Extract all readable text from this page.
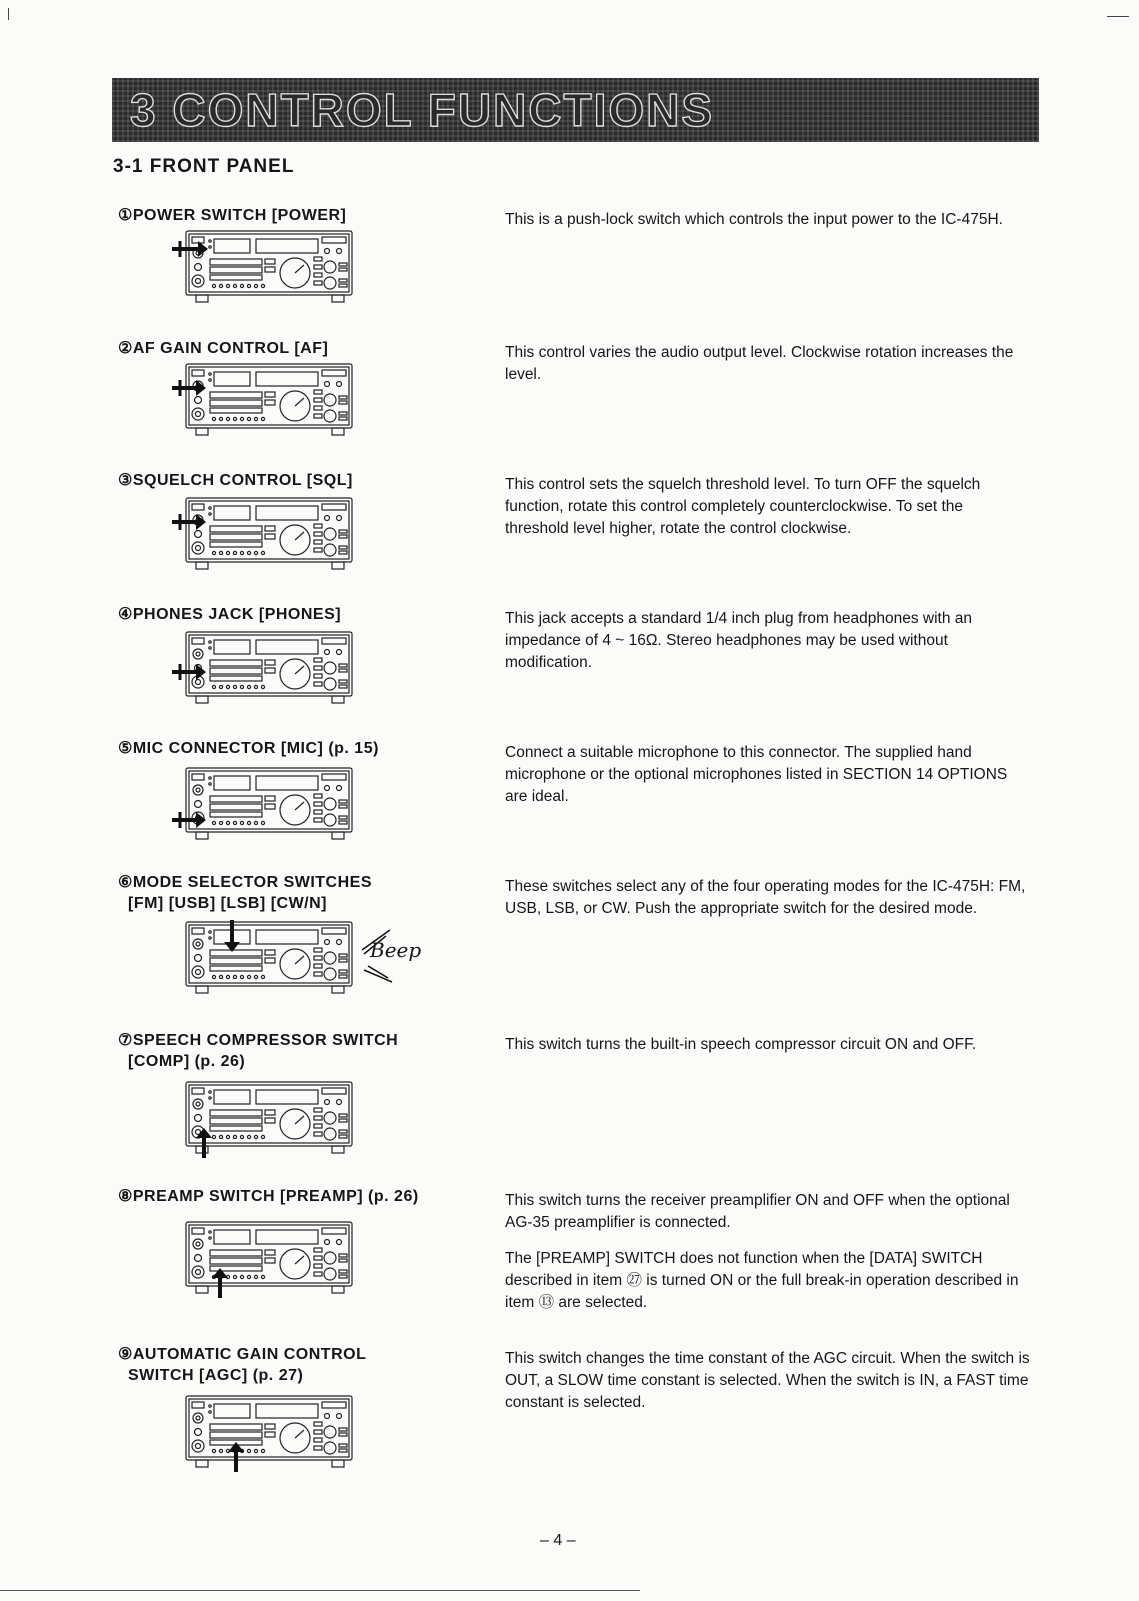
3 CONTROL FUNCTIONS
3-1 FRONT PANEL
①POWER SWITCH [POWER]	This is a push-lock switch which controls the input power to the IC-475H.

②AF GAIN CONTROL [AF]	This control varies the audio output level. Clockwise rotation increases the level.

③SQUELCH CONTROL [SQL]	This control sets the squelch threshold level. To turn OFF the squelch function, rotate this control completely counterclockwise. To set the threshold level higher, rotate the control clockwise.

④PHONES JACK [PHONES]	This jack accepts a standard 1/4 inch plug from headphones with an impedance of 4 ~ 16Ω. Stereo headphones may be used without modification.

⑤MIC CONNECTOR [MIC] (p. 15)	Connect a suitable microphone to this connector. The supplied hand microphone or the optional microphones listed in SECTION 14 OPTIONS are ideal.

⑥MODE SELECTOR SWITCHES
[FM] [USB] [LSB] [CW/N]
Beep

These switches select any of the four operating modes for the IC-475H: FM, USB, LSB, or CW. Push the appropriate switch for the desired mode.

⑦SPEECH COMPRESSOR SWITCH
[COMP] (p. 26)

This switch turns the built-in speech compressor circuit ON and OFF.

⑧PREAMP SWITCH [PREAMP] (p. 26)	This switch turns the receiver preamplifier ON and OFF when the optional AG-35 preamplifier is connected.

The [PREAMP] SWITCH does not function when the [DATA] SWITCH described in item ㉗ is turned ON or the full break-in operation described in item ⑬ are selected.

⑨AUTOMATIC GAIN CONTROL
SWITCH [AGC] (p. 27)

This switch changes the time constant of the AGC circuit. When the switch is OUT, a SLOW time constant is selected. When the switch is IN, a FAST time constant is selected.

– 4 –
